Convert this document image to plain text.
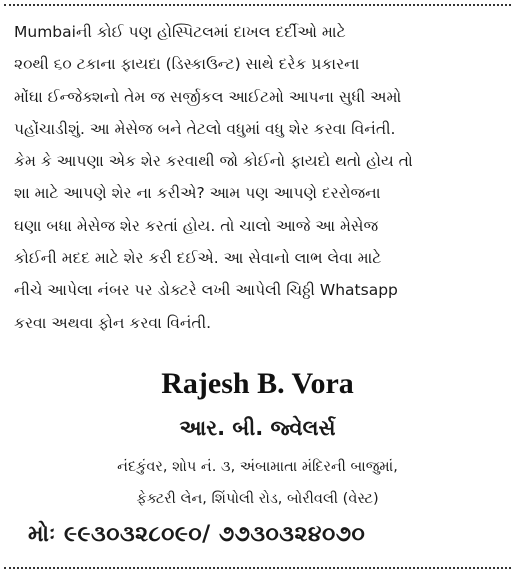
Mumbaiની કોઈ પણ હોસ્પિટલમાં દાખલ દર્દીઓ માટે
૨૦થી ૬૦ ટકાના ફાયદા (ડિસ્કાઉન્ટ) સાથે દરેક પ્રકારના
મોંઘા ઈન્જેક્શનો તેમ જ સર્જીકલ આઈટમો આપના સુધી અમો
પહોંચાડીશું. આ મેસેજ બને તેટલો વધુમાં વધુ શેર કરવા વિનંતી.
કેમ કે આપણા એક શેર કરવાથી જો કોઈનો ફાયદો થતો હોય તો
શા માટે આપણે શેર ના કરીએ? આમ પણ આપણે દરરોજના
ઘણા બધા મેસેજ શેર કરતાં હોય. તો ચાલો આજે આ મેસેજ
કોઈની મદદ માટે શેર કરી દઈએ. આ સેવાનો લાભ લેવા માટે
નીચે આપેલા નંબર પર ડોક્ટરે લખી આપેલી ચિઠ્ઠી Whatsapp
કરવા અથવા ફોન કરવા વિનંતી.
Rajesh B. Vora
આર. બી. જ્વેલર્સ
નંદકુંવર, શોપ નં. ૩, અંબામાતા મંદિરની બાજુમાં,
ફેક્ટરી લેન, શિંપોલી રોડ, બોરીવલી (વેસ્ટ)
મોઃ ૯૯૩૦૩૨૮૦૯૦/ ૭૭૩૦૩૨૪૦૭૦
